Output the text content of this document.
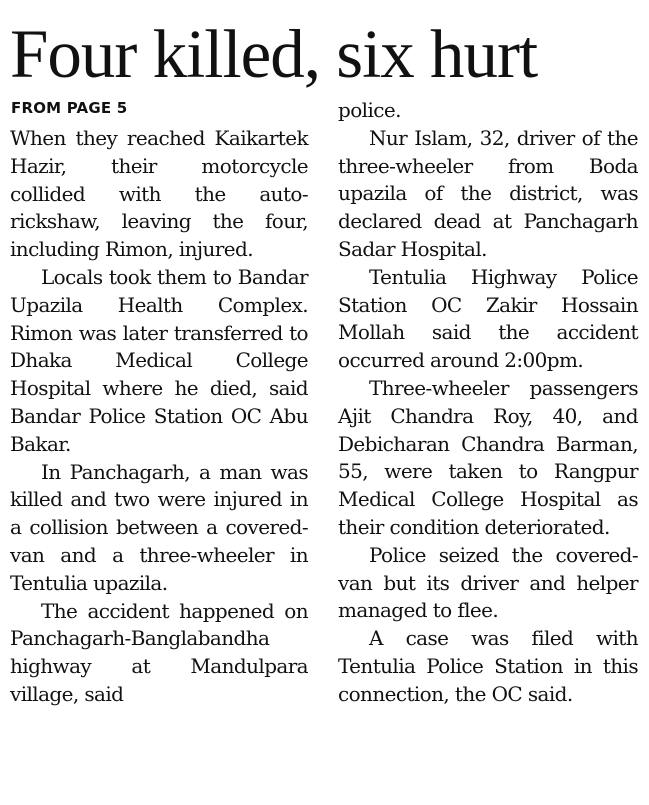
Four killed, six hurt
FROM PAGE 5

When they reached Kaikartek Hazir, their motorcycle collided with the auto-rickshaw, leaving the four, including Rimon, injured.

Locals took them to Bandar Upazila Health Complex. Rimon was later transferred to Dhaka Medical College Hospital where he died, said Bandar Police Station OC Abu Bakar.

In Panchagarh, a man was killed and two were injured in a collision between a covered-van and a three-wheeler in Tentulia upazila.

The accident happened on Panchagarh-Banglabandha highway at Mandulpara village, said

police.

Nur Islam, 32, driver of the three-wheeler from Boda upazila of the district, was declared dead at Panchagarh Sadar Hospital.

Tentulia Highway Police Station OC Zakir Hossain Mollah said the accident occurred around 2:00pm.

Three-wheeler passengers Ajit Chandra Roy, 40, and Debicharan Chandra Barman, 55, were taken to Rangpur Medical College Hospital as their condition deteriorated.

Police seized the covered-van but its driver and helper managed to flee.

A case was filed with Tentulia Police Station in this connection, the OC said.
